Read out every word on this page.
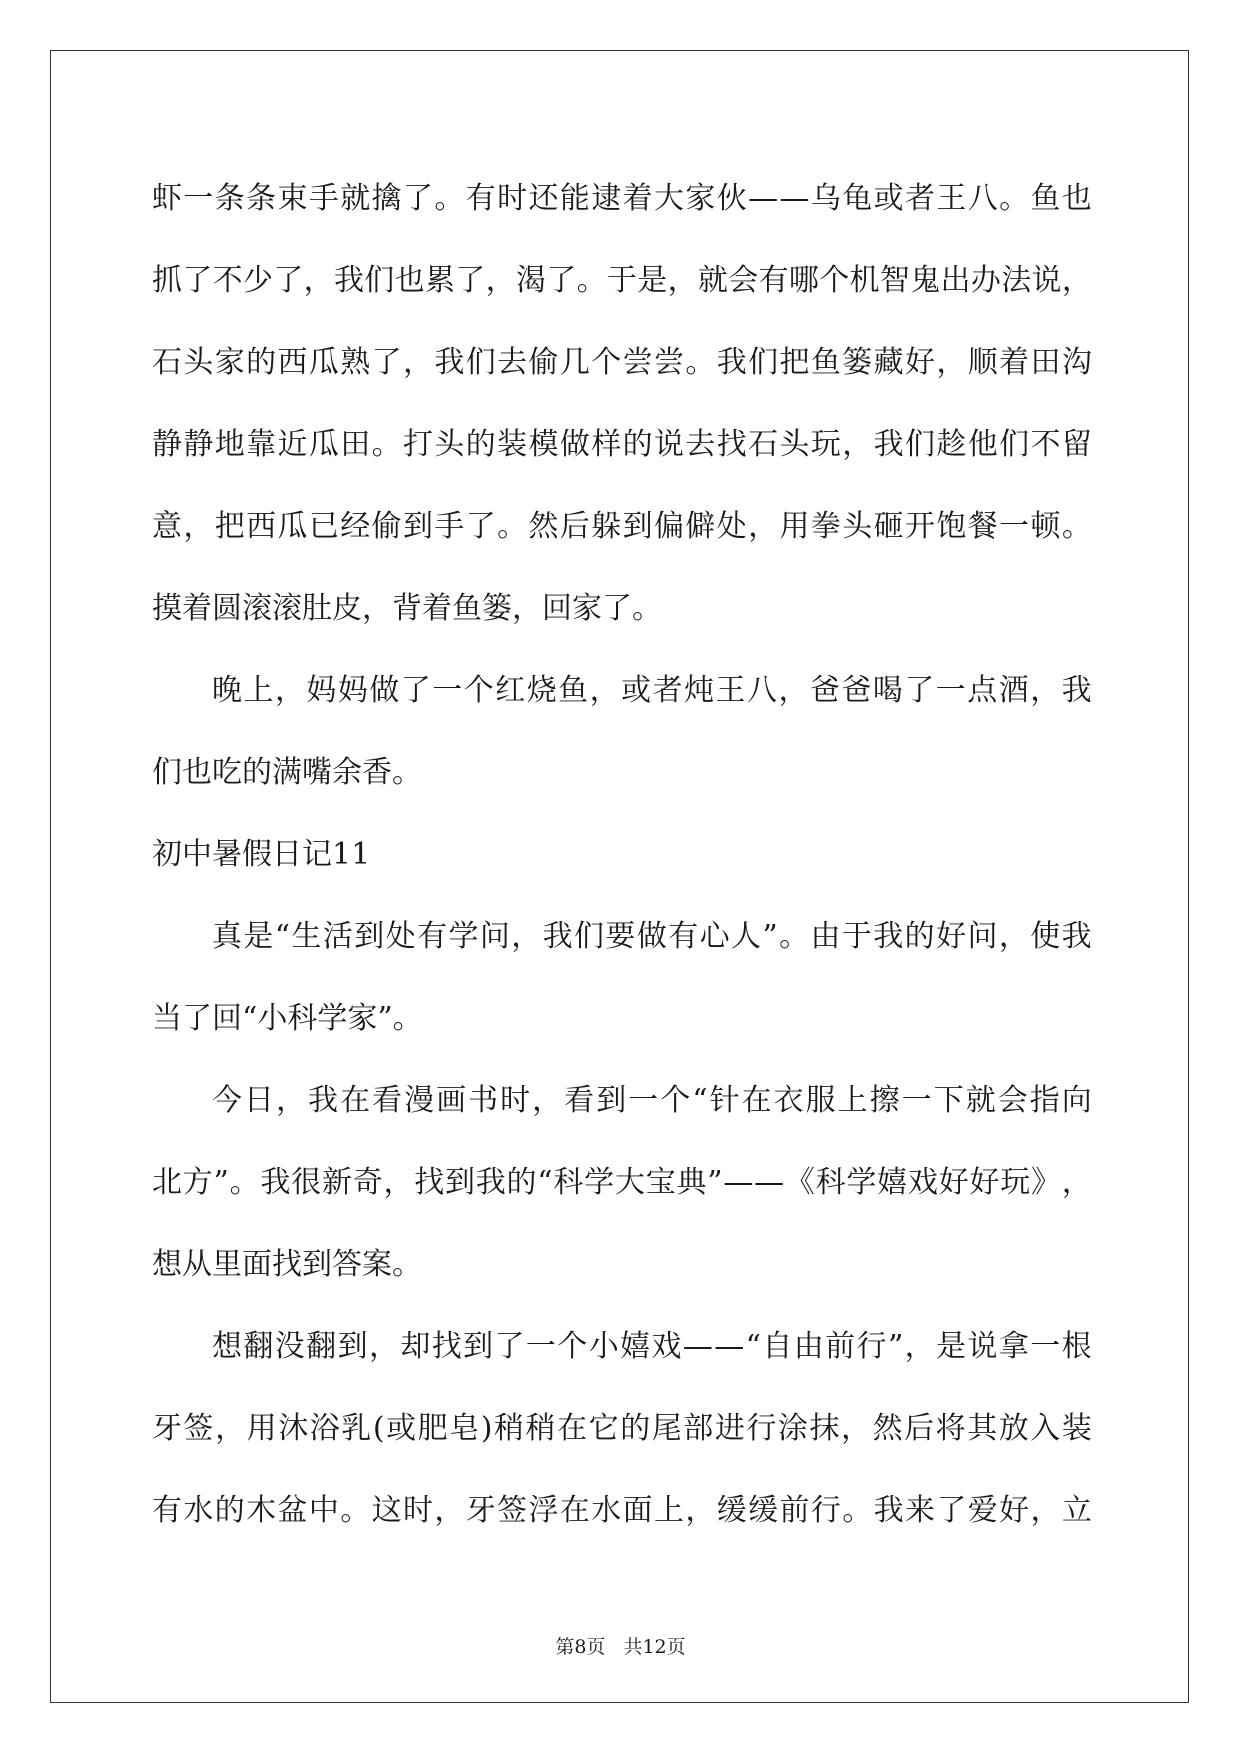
虾 一 条 条 束 手 就 擒 了 。 有 时 还 能 逮 着 大 家 伙 — — 乌 龟 或 者 王 八 。 鱼 也
抓 了 不 少 了 ， 我 们 也 累 了 ， 渴 了 。 于 是 ， 就 会 有 哪 个 机 智 鬼 出 办 法 说 ，
石 头 家 的 西 瓜 熟 了 ， 我 们 去 偷 几 个 尝 尝 。 我 们 把 鱼 篓 藏 好 ， 顺 着 田 沟
静 静 地 靠 近 瓜 田 。 打 头 的 装 模 做 样 的 说 去 找 石 头 玩 ， 我 们 趁 他 们 不 留
意 ， 把 西 瓜 已 经 偷 到 手 了 。 然 后 躲 到 偏 僻 处 ， 用 拳 头 砸 开 饱 餐 一 顿 。
摸着圆滚滚肚皮，背着鱼篓，回家了。
晚 上 ， 妈 妈 做 了 一 个 红 烧 鱼 ， 或 者 炖 王 八 ， 爸 爸 喝 了 一 点 酒 ， 我
们也吃的满嘴余香。
初中暑假日记11
真 是 “ 生 活 到 处 有 学 问 ， 我 们 要 做 有 心 人 ” 。 由 于 我 的 好 问 ， 使 我
当了回“小科学家”。
今 日 ， 我 在 看 漫 画 书 时 ， 看 到 一 个 “ 针 在 衣 服 上 擦 一 下 就 会 指 向
北 方 ” 。 我 很 新 奇 ， 找 到 我 的 “ 科 学 大 宝 典 ” — — 《 科 学 嬉 戏 好 好 玩 》 ，
想从里面找到答案。
想 翻 没 翻 到 ， 却 找 到 了 一 个 小 嬉 戏 — — “ 自 由 前 行 ” ， 是 说 拿 一 根
牙 签 ， 用 沐 浴 乳 ( 或 肥 皂 ) 稍 稍 在 它 的 尾 部 进 行 涂 抹 ， 然 后 将 其 放 入 装
有 水 的 木 盆 中 。 这 时 ， 牙 签 浮 在 水 面 上 ， 缓 缓 前 行 。 我 来 了 爱 好 ， 立
第8页 共12页
